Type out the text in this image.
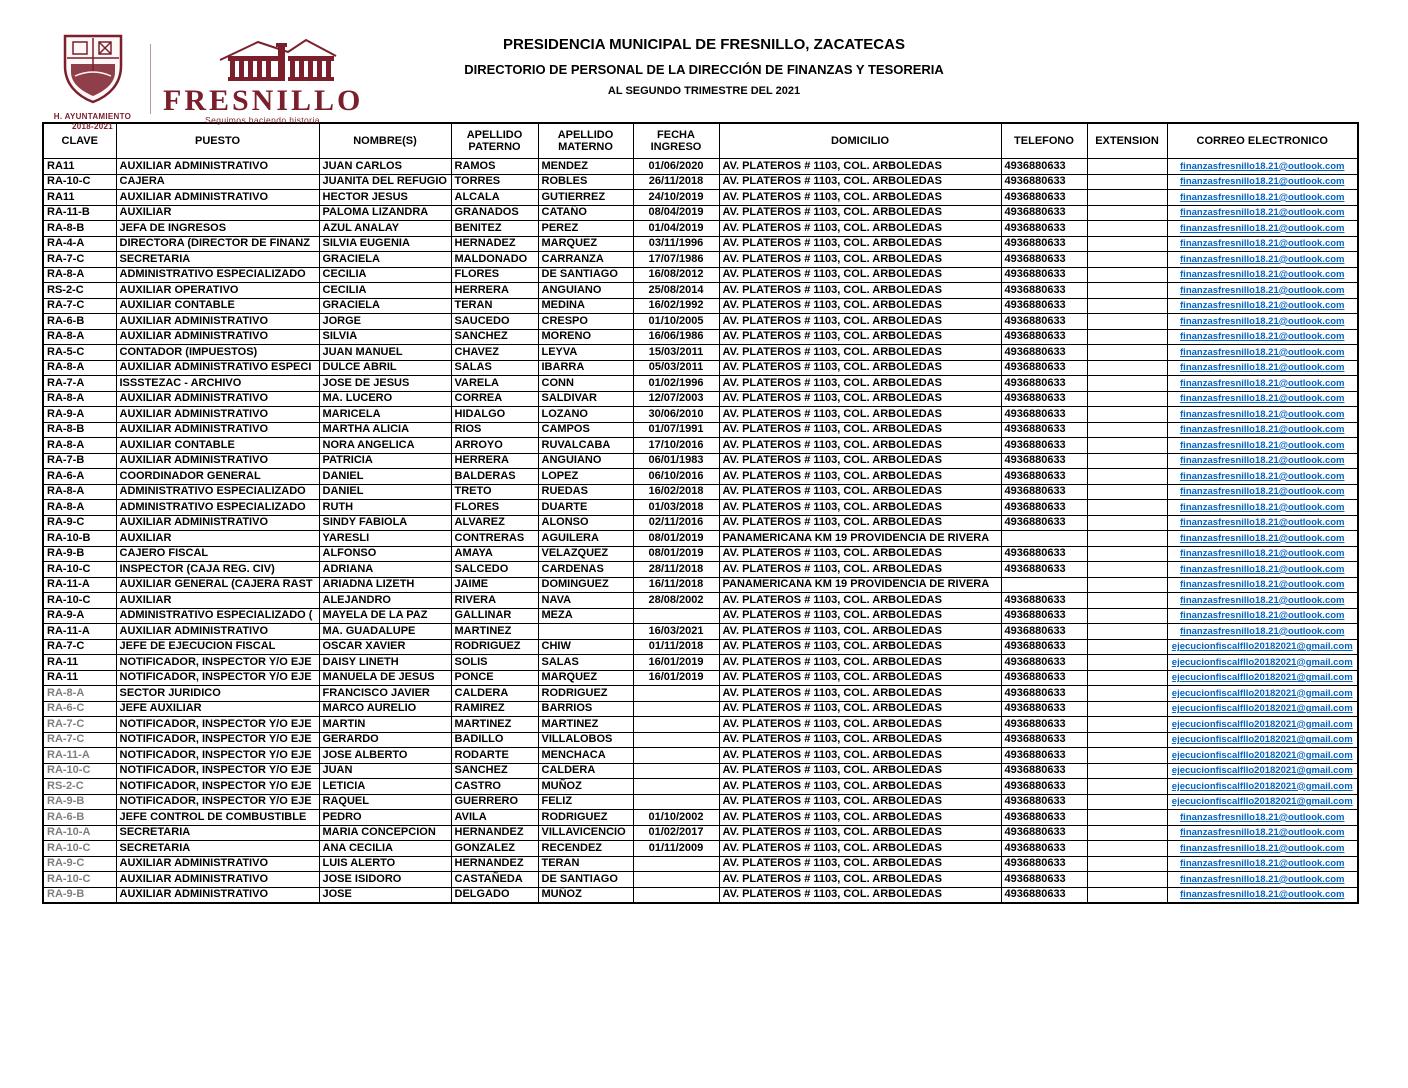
H. AYUNTAMIENTO
2018-2021
FRESNILLO
Seguimos haciendo historia
PRESIDENCIA MUNICIPAL DE FRESNILLO, ZACATECAS
DIRECTORIO DE PERSONAL DE LA DIRECCIÓN DE FINANZAS Y TESORERIA
AL SEGUNDO TRIMESTRE DEL 2021
CLAVE	PUESTO	NOMBRE(S)	APELLIDO PATERNO	APELLIDO MATERNO	FECHA INGRESO	DOMICILIO	TELEFONO	EXTENSION	CORREO ELECTRONICO
RA11	AUXILIAR ADMINISTRATIVO	JUAN CARLOS	RAMOS	MENDEZ	01/06/2020	AV. PLATEROS # 1103, COL. ARBOLEDAS	4936880633		finanzasfresnillo18.21@outlook.com
RA-10-C	CAJERA	JUANITA DEL REFUGIO	TORRES	ROBLES	26/11/2018	AV. PLATEROS # 1103, COL. ARBOLEDAS	4936880633		finanzasfresnillo18.21@outlook.com
RA11	AUXILIAR ADMINISTRATIVO	HECTOR JESUS	ALCALA	GUTIERREZ	24/10/2019	AV. PLATEROS # 1103, COL. ARBOLEDAS	4936880633		finanzasfresnillo18.21@outlook.com
RA-11-B	AUXILIAR	PALOMA LIZANDRA	GRANADOS	CATAÑO	08/04/2019	AV. PLATEROS # 1103, COL. ARBOLEDAS	4936880633		finanzasfresnillo18.21@outlook.com
RA-8-B	JEFA DE INGRESOS	AZUL ANALAY	BENITEZ	PEREZ	01/04/2019	AV. PLATEROS # 1103, COL. ARBOLEDAS	4936880633		finanzasfresnillo18.21@outlook.com
RA-4-A	DIRECTORA (DIRECTOR DE FINANZ	SILVIA EUGENIA	HERNADEZ	MARQUEZ	03/11/1996	AV. PLATEROS # 1103, COL. ARBOLEDAS	4936880633		finanzasfresnillo18.21@outlook.com
RA-7-C	SECRETARIA	GRACIELA	MALDONADO	CARRANZA	17/07/1986	AV. PLATEROS # 1103, COL. ARBOLEDAS	4936880633		finanzasfresnillo18.21@outlook.com
RA-8-A	ADMINISTRATIVO ESPECIALIZADO	CECILIA	FLORES	DE SANTIAGO	16/08/2012	AV. PLATEROS # 1103, COL. ARBOLEDAS	4936880633		finanzasfresnillo18.21@outlook.com
RS-2-C	AUXILIAR OPERATIVO	CECILIA	HERRERA	ANGUIANO	25/08/2014	AV. PLATEROS # 1103, COL. ARBOLEDAS	4936880633		finanzasfresnillo18.21@outlook.com
RA-7-C	AUXILIAR CONTABLE	GRACIELA	TERAN	MEDINA	16/02/1992	AV. PLATEROS # 1103, COL. ARBOLEDAS	4936880633		finanzasfresnillo18.21@outlook.com
RA-6-B	AUXILIAR ADMINISTRATIVO	JORGE	SAUCEDO	CRESPO	01/10/2005	AV. PLATEROS # 1103, COL. ARBOLEDAS	4936880633		finanzasfresnillo18.21@outlook.com
RA-8-A	AUXILIAR ADMINISTRATIVO	SILVIA	SANCHEZ	MORENO	16/06/1986	AV. PLATEROS # 1103, COL. ARBOLEDAS	4936880633		finanzasfresnillo18.21@outlook.com
RA-5-C	CONTADOR (IMPUESTOS)	JUAN MANUEL	CHAVEZ	LEYVA	15/03/2011	AV. PLATEROS # 1103, COL. ARBOLEDAS	4936880633		finanzasfresnillo18.21@outlook.com
RA-8-A	AUXILIAR ADMINISTRATIVO ESPECI	DULCE ABRIL	SALAS	IBARRA	05/03/2011	AV. PLATEROS # 1103, COL. ARBOLEDAS	4936880633		finanzasfresnillo18.21@outlook.com
RA-7-A	ISSSTEZAC - ARCHIVO	JOSE DE JESUS	VARELA	CONN	01/02/1996	AV. PLATEROS # 1103, COL. ARBOLEDAS	4936880633		finanzasfresnillo18.21@outlook.com
RA-8-A	AUXILIAR ADMINISTRATIVO	MA. LUCERO	CORREA	SALDIVAR	12/07/2003	AV. PLATEROS # 1103, COL. ARBOLEDAS	4936880633		finanzasfresnillo18.21@outlook.com
RA-9-A	AUXILIAR ADMINISTRATIVO	MARICELA	HIDALGO	LOZANO	30/06/2010	AV. PLATEROS # 1103, COL. ARBOLEDAS	4936880633		finanzasfresnillo18.21@outlook.com
RA-8-B	AUXILIAR ADMINISTRATIVO	MARTHA ALICIA	RIOS	CAMPOS	01/07/1991	AV. PLATEROS # 1103, COL. ARBOLEDAS	4936880633		finanzasfresnillo18.21@outlook.com
RA-8-A	AUXILIAR CONTABLE	NORA ANGELICA	ARROYO	RUVALCABA	17/10/2016	AV. PLATEROS # 1103, COL. ARBOLEDAS	4936880633		finanzasfresnillo18.21@outlook.com
RA-7-B	AUXILIAR ADMINISTRATIVO	PATRICIA	HERRERA	ANGUIANO	06/01/1983	AV. PLATEROS # 1103, COL. ARBOLEDAS	4936880633		finanzasfresnillo18.21@outlook.com
RA-6-A	COORDINADOR GENERAL	DANIEL	BALDERAS	LOPEZ	06/10/2016	AV. PLATEROS # 1103, COL. ARBOLEDAS	4936880633		finanzasfresnillo18.21@outlook.com
RA-8-A	ADMINISTRATIVO ESPECIALIZADO	DANIEL	TRETO	RUEDAS	16/02/2018	AV. PLATEROS # 1103, COL. ARBOLEDAS	4936880633		finanzasfresnillo18.21@outlook.com
RA-8-A	ADMINISTRATIVO ESPECIALIZADO	RUTH	FLORES	DUARTE	01/03/2018	AV. PLATEROS # 1103, COL. ARBOLEDAS	4936880633		finanzasfresnillo18.21@outlook.com
RA-9-C	AUXILIAR ADMINISTRATIVO	SINDY FABIOLA	ALVAREZ	ALONSO	02/11/2016	AV. PLATEROS # 1103, COL. ARBOLEDAS	4936880633		finanzasfresnillo18.21@outlook.com
RA-10-B	AUXILIAR	YARESLI	CONTRERAS	AGUILERA	08/01/2019	PANAMERICANA KM 19 PROVIDENCIA DE RIVERA			finanzasfresnillo18.21@outlook.com
RA-9-B	CAJERO FISCAL	ALFONSO	AMAYA	VELAZQUEZ	08/01/2019	AV. PLATEROS # 1103, COL. ARBOLEDAS	4936880633		finanzasfresnillo18.21@outlook.com
RA-10-C	INSPECTOR (CAJA REG. CIV)	ADRIANA	SALCEDO	CARDENAS	28/11/2018	AV. PLATEROS # 1103, COL. ARBOLEDAS	4936880633		finanzasfresnillo18.21@outlook.com
RA-11-A	AUXILIAR GENERAL (CAJERA RAST	ARIADNA LIZETH	JAIME	DOMINGUEZ	16/11/2018	PANAMERICANA KM 19 PROVIDENCIA DE RIVERA			finanzasfresnillo18.21@outlook.com
RA-10-C	AUXILIAR	ALEJANDRO	RIVERA	NAVA	28/08/2002	AV. PLATEROS # 1103, COL. ARBOLEDAS	4936880633		finanzasfresnillo18.21@outlook.com
RA-9-A	ADMINISTRATIVO ESPECIALIZADO (	MAYELA DE LA PAZ	GALLINAR	MEZA		AV. PLATEROS # 1103, COL. ARBOLEDAS	4936880633		finanzasfresnillo18.21@outlook.com
RA-11-A	AUXILIAR ADMINISTRATIVO	MA. GUADALUPE	MARTINEZ		16/03/2021	AV. PLATEROS # 1103, COL. ARBOLEDAS	4936880633		finanzasfresnillo18.21@outlook.com
RA-7-C	JEFE DE EJECUCION FISCAL	OSCAR XAVIER	RODRIGUEZ	CHIW	01/11/2018	AV. PLATEROS # 1103, COL. ARBOLEDAS	4936880633		ejecucionfiscalfllo20182021@gmail.com
RA-11	NOTIFICADOR, INSPECTOR Y/O EJE	DAISY LINETH	SOLIS	SALAS	16/01/2019	AV. PLATEROS # 1103, COL. ARBOLEDAS	4936880633		ejecucionfiscalfllo20182021@gmail.com
RA-11	NOTIFICADOR, INSPECTOR Y/O EJE	MANUELA DE JESUS	PONCE	MARQUEZ	16/01/2019	AV. PLATEROS # 1103, COL. ARBOLEDAS	4936880633		ejecucionfiscalfllo20182021@gmail.com
RA-8-A	SECTOR JURIDICO	FRANCISCO JAVIER	CALDERA	RODRIGUEZ		AV. PLATEROS # 1103, COL. ARBOLEDAS	4936880633		ejecucionfiscalfllo20182021@gmail.com
RA-6-C	JEFE AUXILIAR	MARCO AURELIO	RAMIREZ	BARRIOS		AV. PLATEROS # 1103, COL. ARBOLEDAS	4936880633		ejecucionfiscalfllo20182021@gmail.com
RA-7-C	NOTIFICADOR, INSPECTOR Y/O EJE	MARTIN	MARTINEZ	MARTINEZ		AV. PLATEROS # 1103, COL. ARBOLEDAS	4936880633		ejecucionfiscalfllo20182021@gmail.com
RA-7-C	NOTIFICADOR, INSPECTOR Y/O EJE	GERARDO	BADILLO	VILLALOBOS		AV. PLATEROS # 1103, COL. ARBOLEDAS	4936880633		ejecucionfiscalfllo20182021@gmail.com
RA-11-A	NOTIFICADOR, INSPECTOR Y/O EJE	JOSE ALBERTO	RODARTE	MENCHACA		AV. PLATEROS # 1103, COL. ARBOLEDAS	4936880633		ejecucionfiscalfllo20182021@gmail.com
RA-10-C	NOTIFICADOR, INSPECTOR Y/O EJE	JUAN	SANCHEZ	CALDERA		AV. PLATEROS # 1103, COL. ARBOLEDAS	4936880633		ejecucionfiscalfllo20182021@gmail.com
RS-2-C	NOTIFICADOR, INSPECTOR Y/O EJE	LETICIA	CASTRO	MUÑOZ		AV. PLATEROS # 1103, COL. ARBOLEDAS	4936880633		ejecucionfiscalfllo20182021@gmail.com
RA-9-B	NOTIFICADOR, INSPECTOR Y/O EJE	RAQUEL	GUERRERO	FELIZ		AV. PLATEROS # 1103, COL. ARBOLEDAS	4936880633		ejecucionfiscalfllo20182021@gmail.com
RA-6-B	JEFE CONTROL DE COMBUSTIBLE	PEDRO	AVILA	RODRIGUEZ	01/10/2002	AV. PLATEROS # 1103, COL. ARBOLEDAS	4936880633		finanzasfresnillo18.21@outlook.com
RA-10-A	SECRETARIA	MARIA CONCEPCION	HERNANDEZ	VILLAVICENCIO	01/02/2017	AV. PLATEROS # 1103, COL. ARBOLEDAS	4936880633		finanzasfresnillo18.21@outlook.com
RA-10-C	SECRETARIA	ANA CECILIA	GONZALEZ	RECENDEZ	01/11/2009	AV. PLATEROS # 1103, COL. ARBOLEDAS	4936880633		finanzasfresnillo18.21@outlook.com
RA-9-C	AUXILIAR ADMINISTRATIVO	LUIS ALERTO	HERNANDEZ	TERAN		AV. PLATEROS # 1103, COL. ARBOLEDAS	4936880633		finanzasfresnillo18.21@outlook.com
RA-10-C	AUXILIAR ADMINISTRATIVO	JOSE ISIDORO	CASTAÑEDA	DE SANTIAGO		AV. PLATEROS # 1103, COL. ARBOLEDAS	4936880633		finanzasfresnillo18.21@outlook.com
RA-9-B	AUXILIAR ADMINISTRATIVO	JOSE	DELGADO	MUÑOZ		AV. PLATEROS # 1103, COL. ARBOLEDAS	4936880633		finanzasfresnillo18.21@outlook.com
